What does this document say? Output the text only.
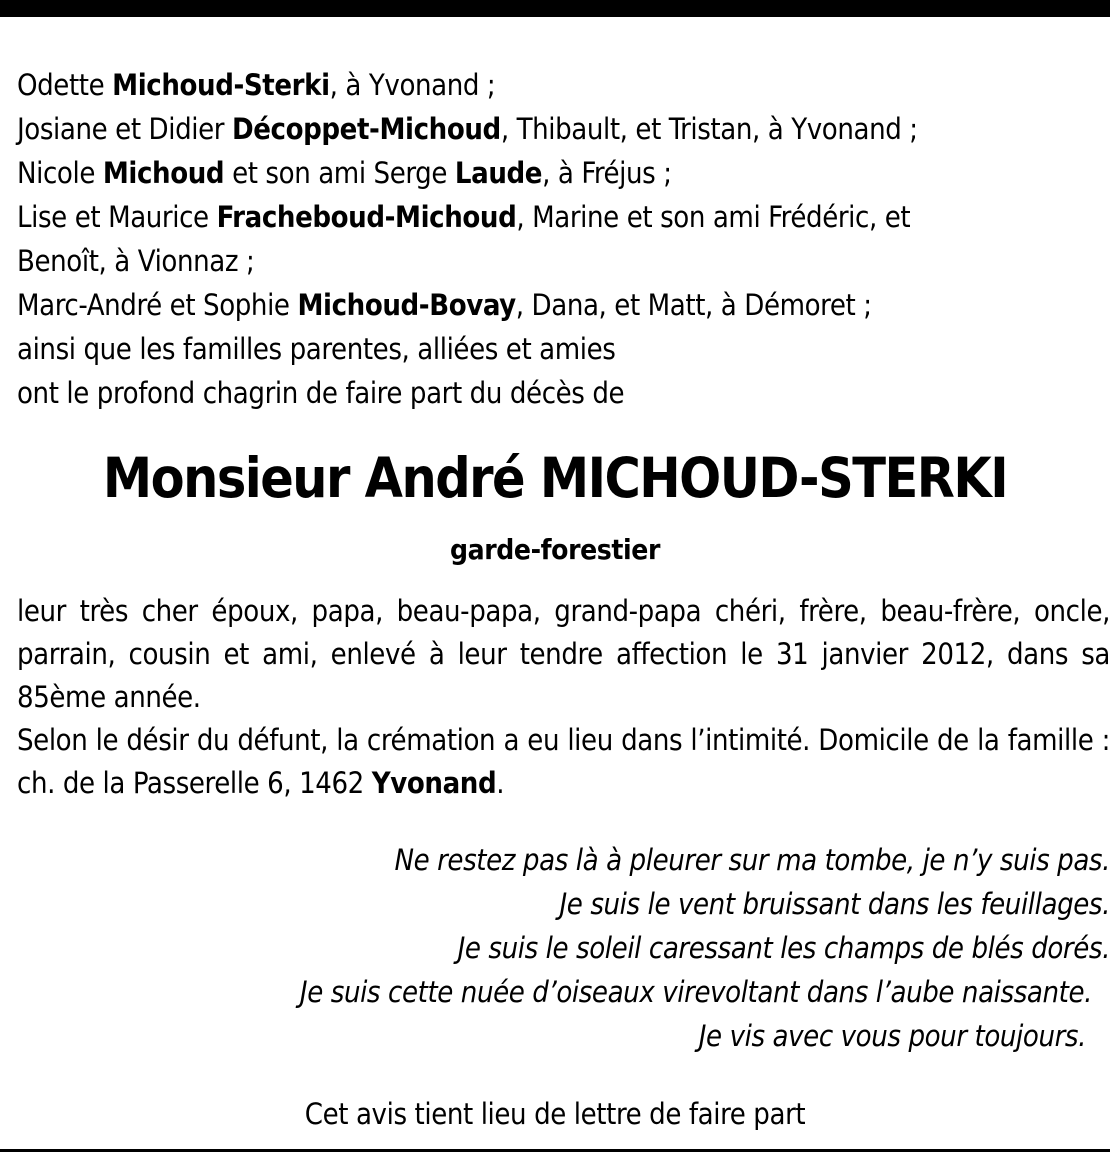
Odette Michoud-Sterki, à Yvonand ;
Josiane et Didier Décoppet-Michoud, Thibault, et Tristan, à Yvonand ;
Nicole Michoud et son ami Serge Laude, à Fréjus ;
Lise et Maurice Fracheboud-Michoud, Marine et son ami Frédéric, et
Benoît, à Vionnaz ;
Marc-André et Sophie Michoud-Bovay, Dana, et Matt, à Démoret ;
ainsi que les familles parentes, alliées et amies
ont le profond chagrin de faire part du décès de
Monsieur André MICHOUD-STERKI
garde-forestier

leur très cher époux, papa, beau-papa, grand-papa chéri, frère, beau-frère, oncle, parrain, cousin et ami, enlevé à leur tendre affection le 31 janvier 2012, dans sa 85ème année.

Selon le désir du défunt, la crémation a eu lieu dans l’intimité. Domicile de la famille : ch. de la Passerelle 6, 1462 Yvonand.

Ne restez pas là à pleurer sur ma tombe, je n’y suis pas.
Je suis le vent bruissant dans les feuillages.
Je suis le soleil caressant les champs de blés dorés.
Je suis cette nuée d’oiseaux virevoltant dans l’aube naissante.
Je vis avec vous pour toujours.
Cet avis tient lieu de lettre de faire part
